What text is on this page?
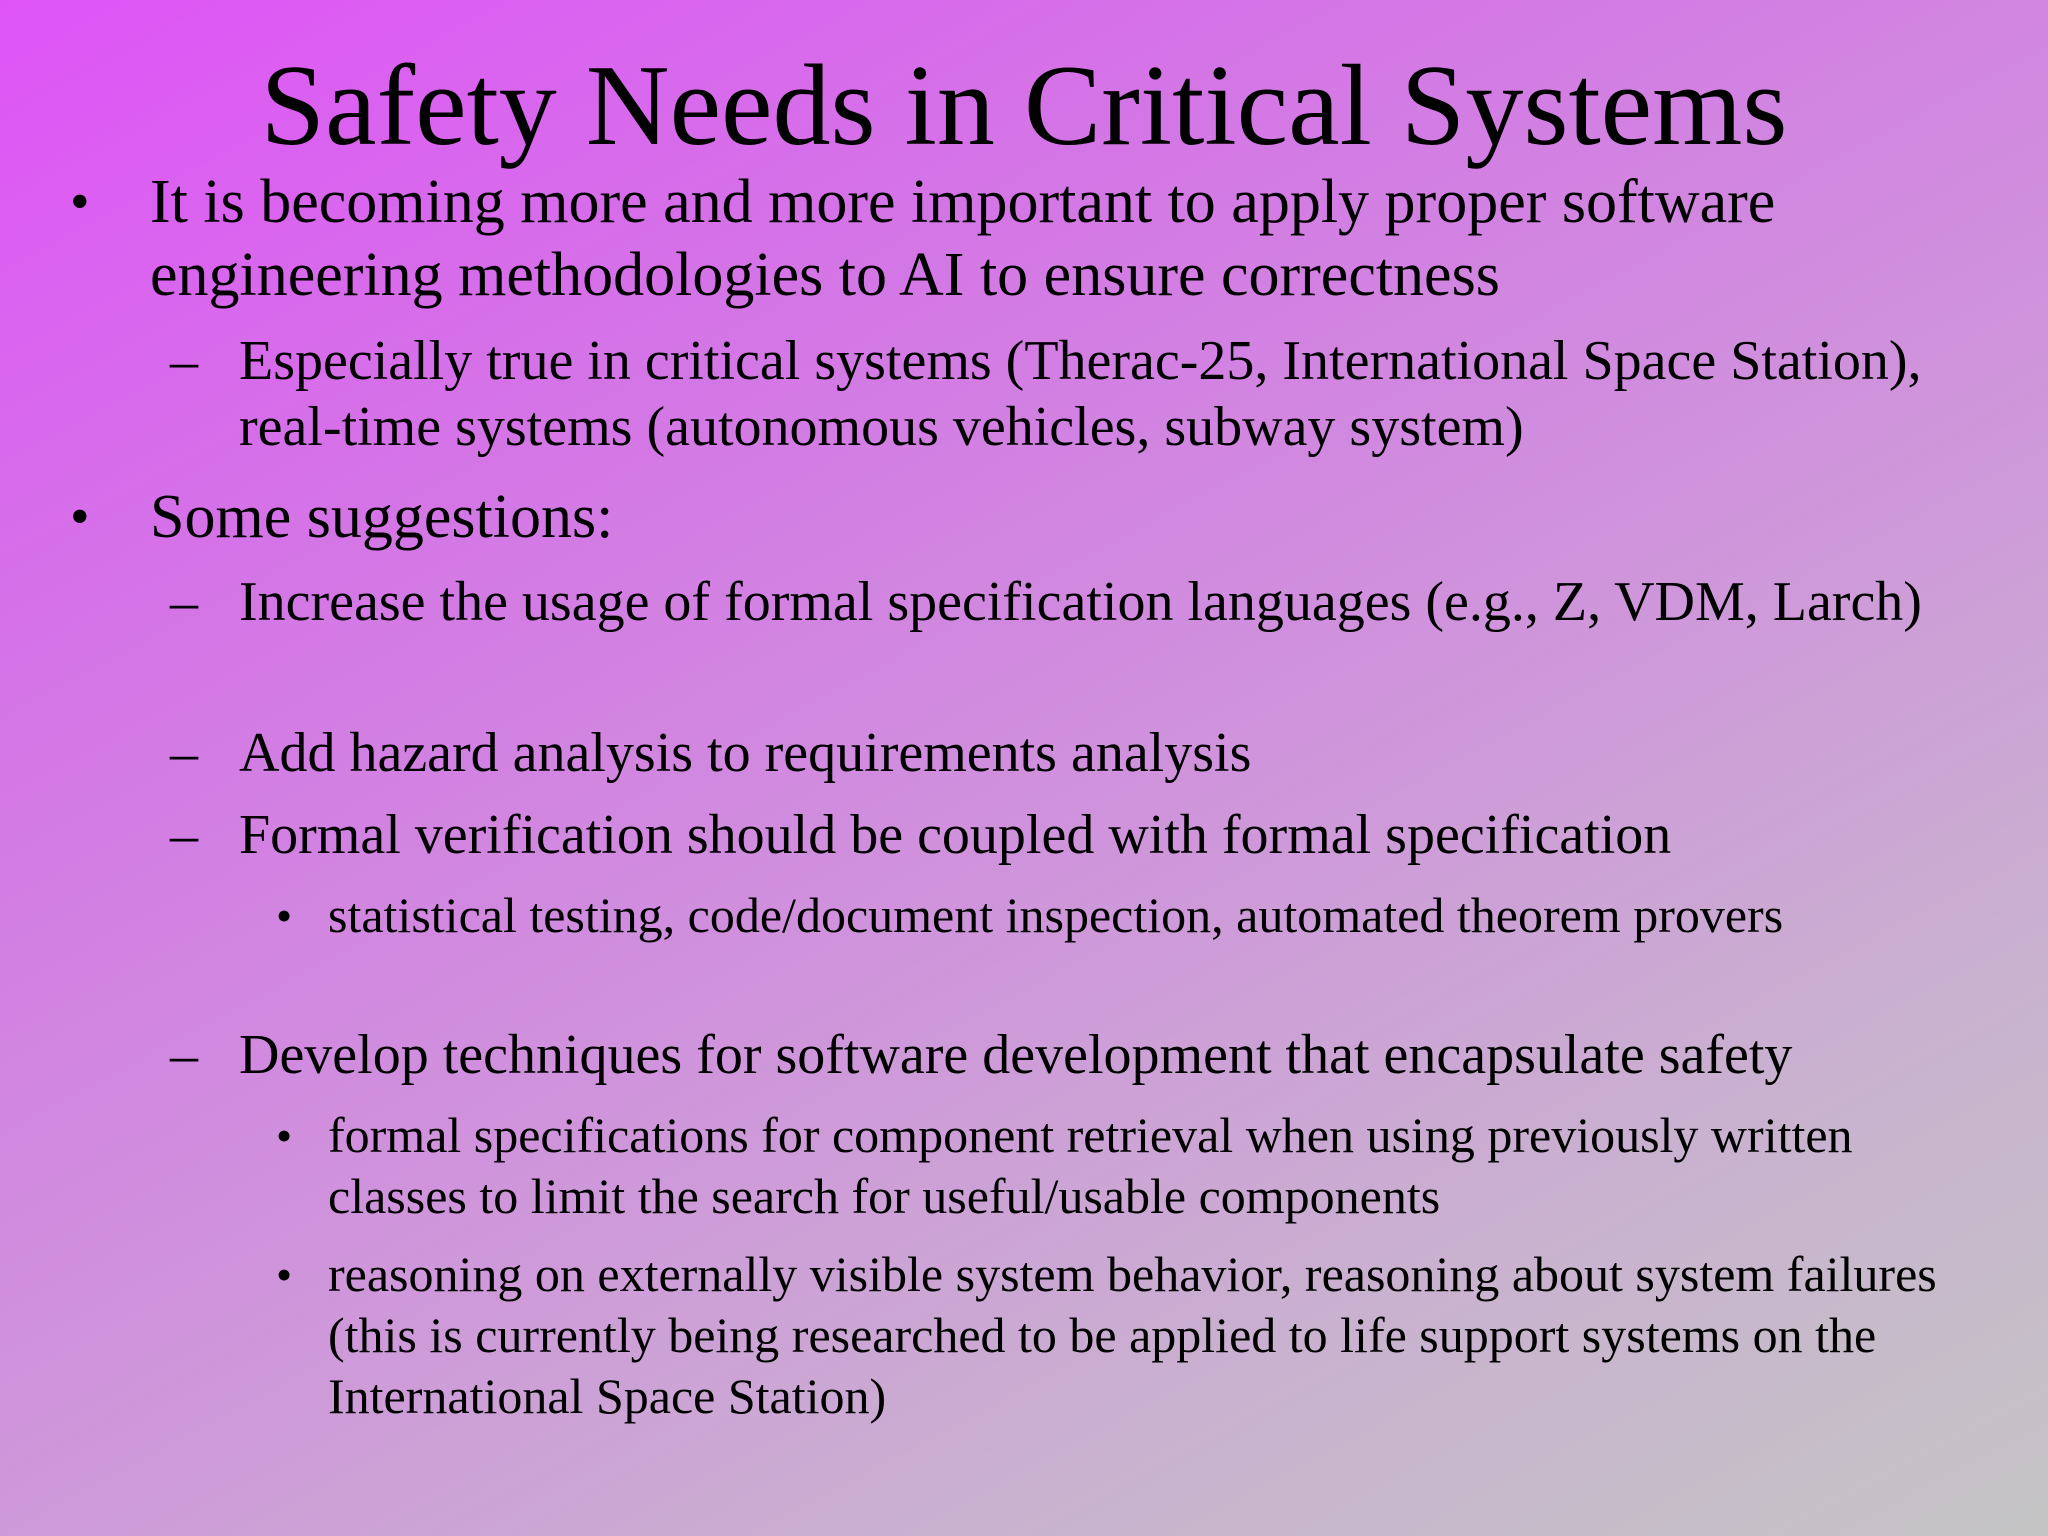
Safety Needs in Critical Systems
• It is becoming more and more important to apply proper software engineering methodologies to AI to ensure correctness
– Especially true in critical systems (Therac-25, International Space Station), real-time systems (autonomous vehicles, subway system)
• Some suggestions:
– Increase the usage of formal specification languages (e.g., Z, VDM, Larch)
– Add hazard analysis to requirements analysis
– Formal verification should be coupled with formal specification
• statistical testing, code/document inspection, automated theorem provers
– Develop techniques for software development that encapsulate safety
• formal specifications for component retrieval when using previously written classes to limit the search for useful/usable components
• reasoning on externally visible system behavior, reasoning about system failures (this is currently being researched to be applied to life support systems on the International Space Station)
